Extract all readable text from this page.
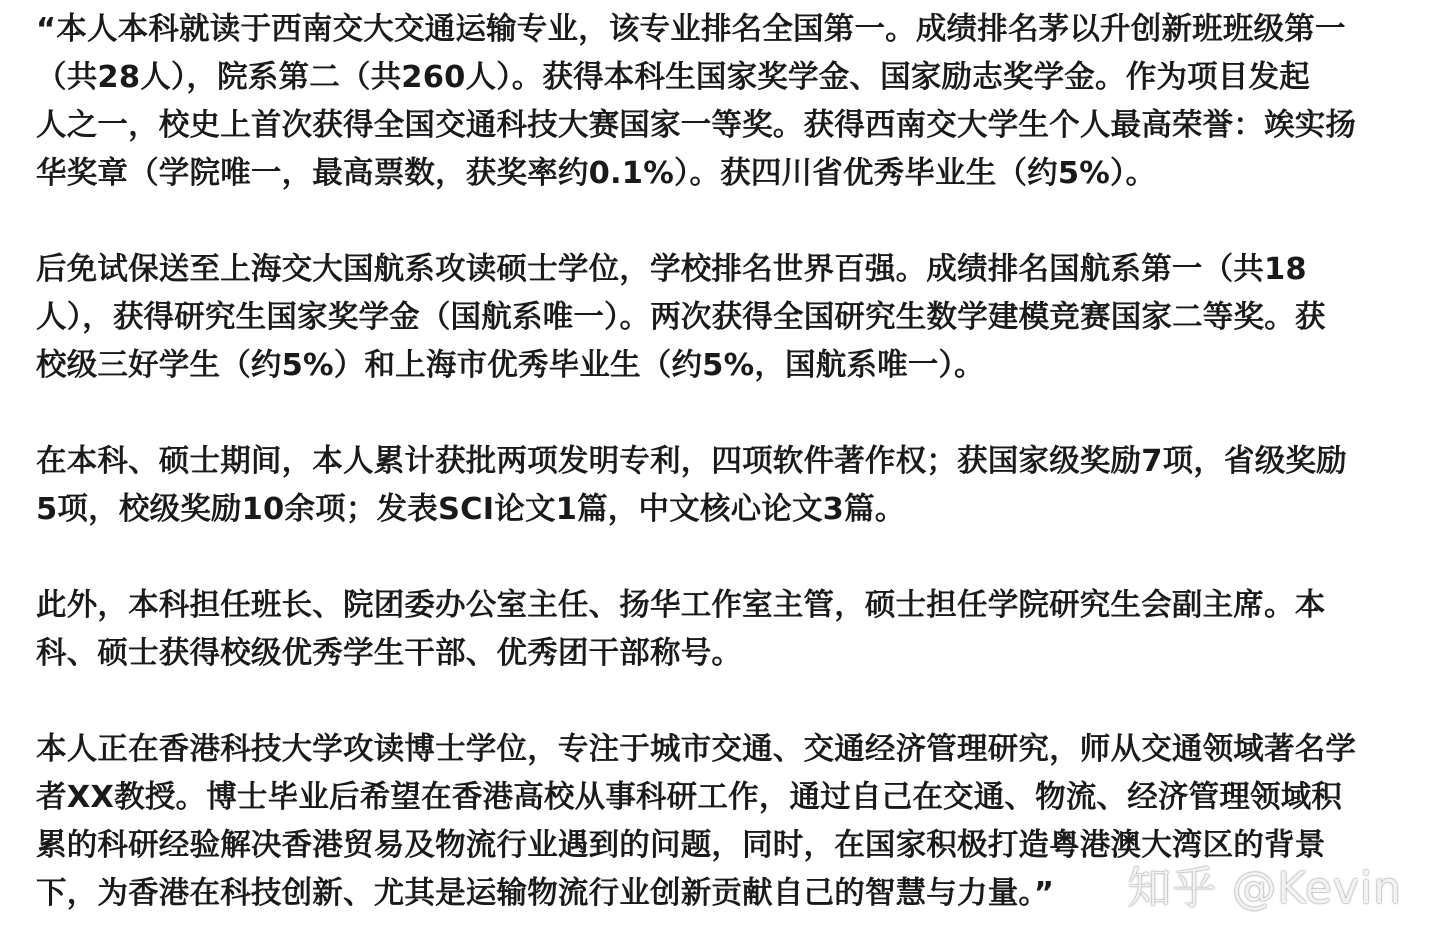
“本人本科就读于西南交大交通运输专业，该专业排名全国第一。成绩排名茅以升创新班班级第一
（共28人），院系第二（共260人）。获得本科生国家奖学金、国家励志奖学金。作为项目发起
人之一，校史上首次获得全国交通科技大赛国家一等奖。获得西南交大学生个人最高荣誉：竢实扬
华奖章（学院唯一，最高票数，获奖率约0.1%）。获四川省优秀毕业生（约5%）。

后免试保送至上海交大国航系攻读硕士学位，学校排名世界百强。成绩排名国航系第一（共18
人），获得研究生国家奖学金（国航系唯一）。两次获得全国研究生数学建模竞赛国家二等奖。获
校级三好学生（约5%）和上海市优秀毕业生（约5%，国航系唯一）。

在本科、硕士期间，本人累计获批两项发明专利，四项软件著作权；获国家级奖励7项，省级奖励
5项，校级奖励10余项；发表SCI论文1篇，中文核心论文3篇。

此外，本科担任班长、院团委办公室主任、扬华工作室主管，硕士担任学院研究生会副主席。本
科、硕士获得校级优秀学生干部、优秀团干部称号。

本人正在香港科技大学攻读博士学位，专注于城市交通、交通经济管理研究，师从交通领域著名学
者XX教授。博士毕业后希望在香港高校从事科研工作，通过自己在交通、物流、经济管理领域积
累的科研经验解决香港贸易及物流行业遇到的问题，同时，在国家积极打造粤港澳大湾区的背景
下，为香港在科技创新、尤其是运输物流行业创新贡献自己的智慧与力量。”	知乎 @Kevin
